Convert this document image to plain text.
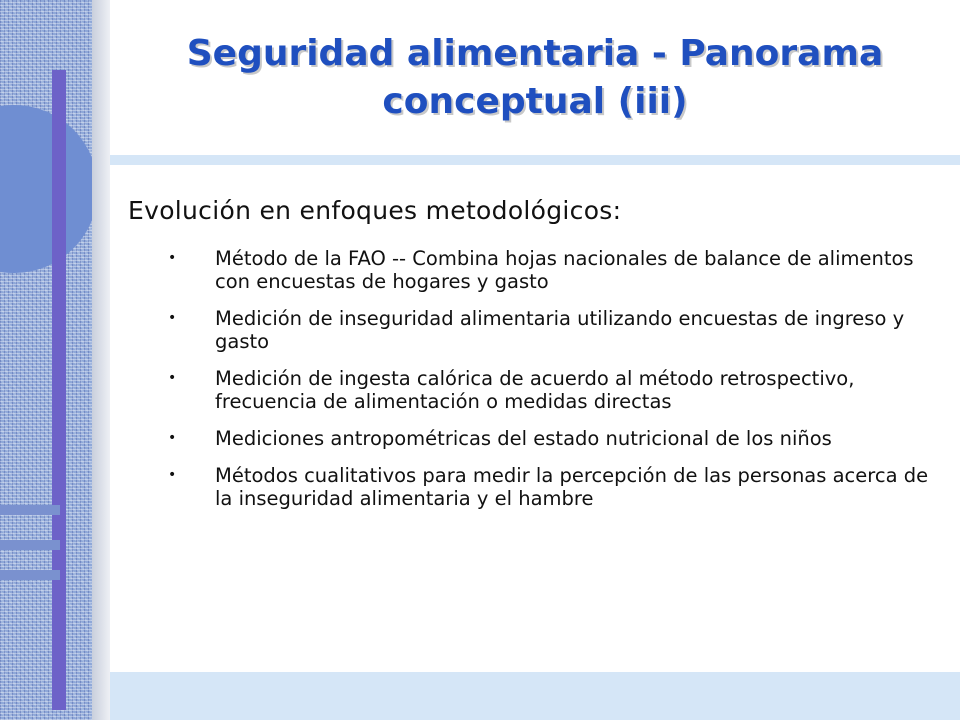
Seguridad alimentaria - Panorama
conceptual (iii)
Evolución en enfoques metodológicos:
• Método de la FAO -- Combina hojas nacionales de balance de alimentos con encuestas de hogares y gasto
• Medición de inseguridad alimentaria utilizando encuestas de ingreso y gasto
• Medición de ingesta calórica de acuerdo al método retrospectivo, frecuencia de alimentación o medidas directas
• Mediciones antropométricas del estado nutricional de los niños
• Métodos cualitativos para medir la percepción de las personas acerca de la inseguridad alimentaria y el hambre
